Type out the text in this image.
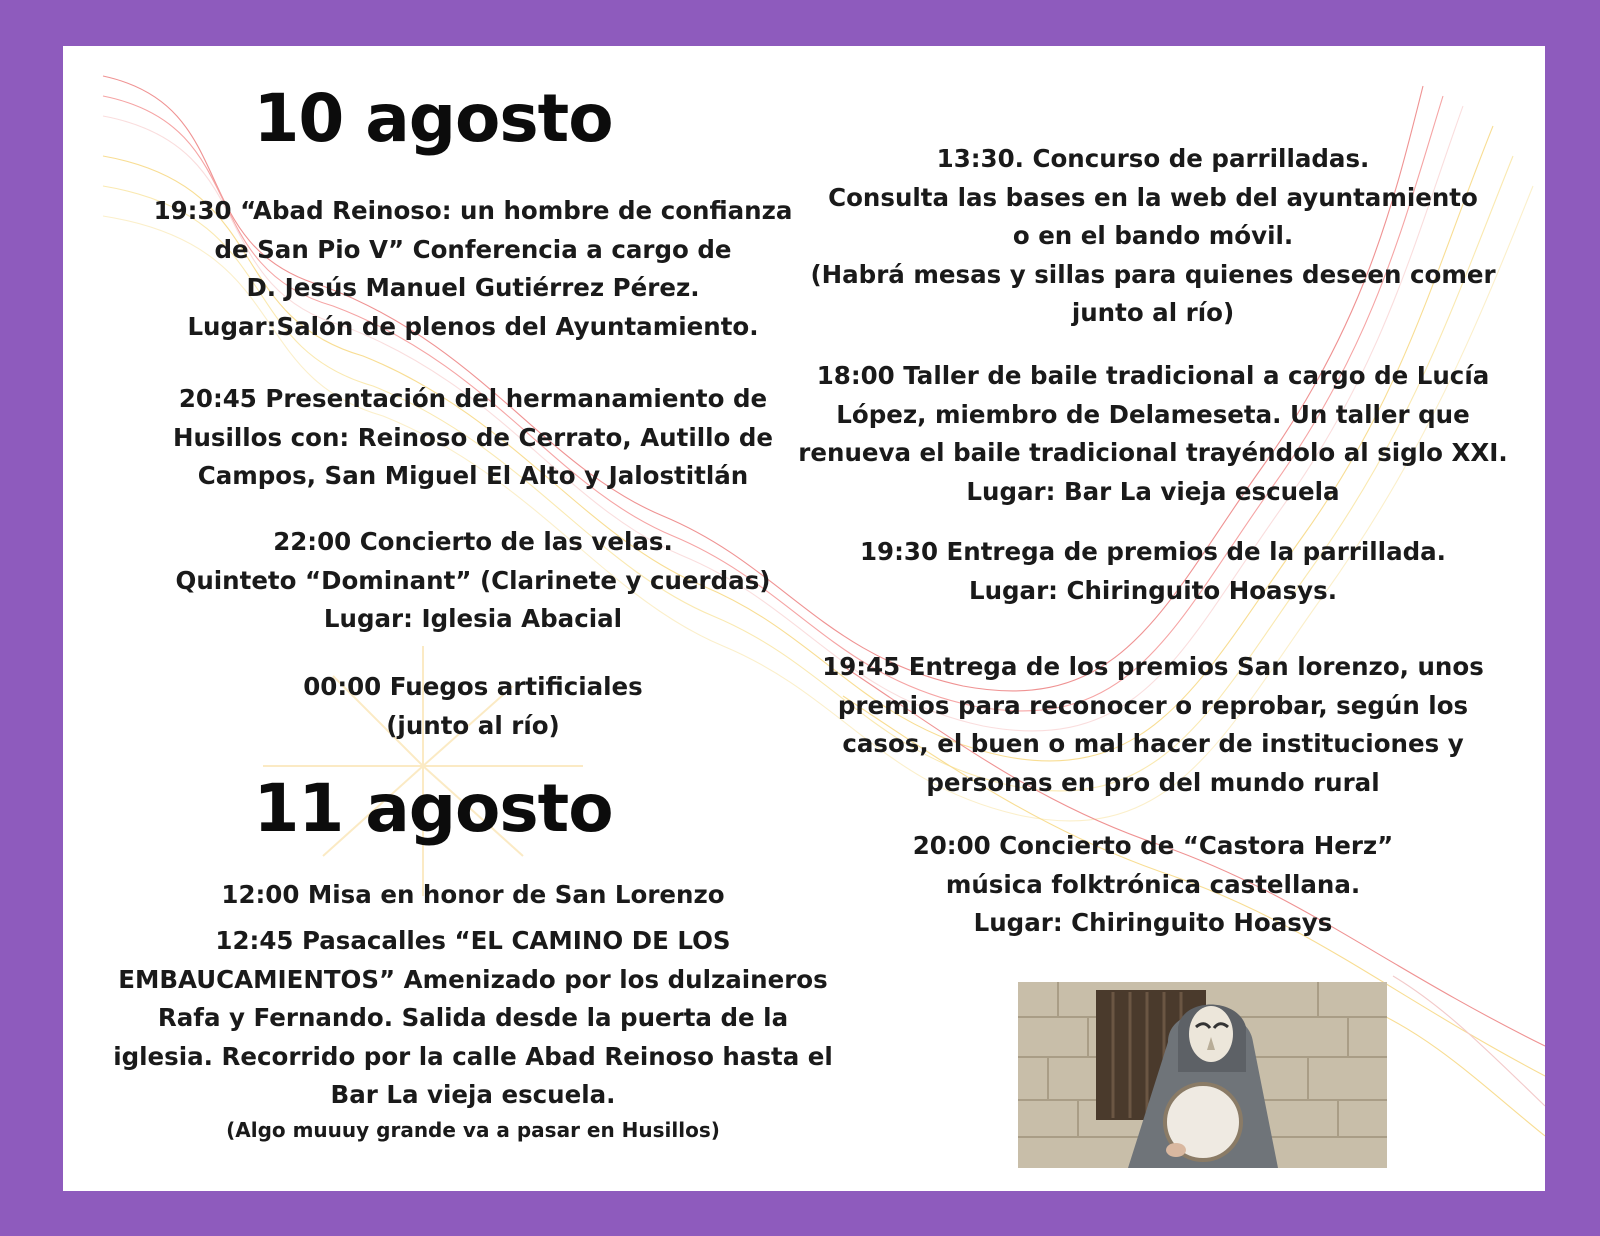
10 agosto
19:30 “Abad Reinoso: un hombre de confianza
de San Pio V” Conferencia a cargo de
D. Jesús Manuel Gutiérrez Pérez.
Lugar:Salón de plenos del Ayuntamiento.
20:45 Presentación del hermanamiento de
Husillos con: Reinoso de Cerrato, Autillo de
Campos, San Miguel El Alto y Jalostitlán
22:00 Concierto de las velas.
Quinteto “Dominant” (Clarinete y cuerdas)
Lugar: Iglesia Abacial
00:00 Fuegos artificiales
(junto al río)
11 agosto
12:00 Misa en honor de San Lorenzo
12:45 Pasacalles “EL CAMINO DE LOS
EMBAUCAMIENTOS” Amenizado por los dulzaineros
Rafa y Fernando. Salida desde la puerta de la
iglesia. Recorrido por la calle Abad Reinoso hasta el
Bar La vieja escuela.
(Algo muuuy grande va a pasar en Husillos)
13:30. Concurso de parrilladas.
Consulta las bases en la web del ayuntamiento
o en el bando móvil.
(Habrá mesas y sillas para quienes deseen comer
junto al río)
18:00 Taller de baile tradicional a cargo de Lucía
López, miembro de Delameseta. Un taller que
renueva el baile tradicional trayéndolo al siglo XXI.
Lugar: Bar La vieja escuela
19:30 Entrega de premios de la parrillada.
Lugar: Chiringuito Hoasys.
19:45 Entrega de los premios San lorenzo, unos
premios para reconocer o reprobar, según los
casos, el buen o mal hacer de instituciones y
personas en pro del mundo rural
20:00 Concierto de “Castora Herz”
música folktrónica castellana.
Lugar: Chiringuito Hoasys
